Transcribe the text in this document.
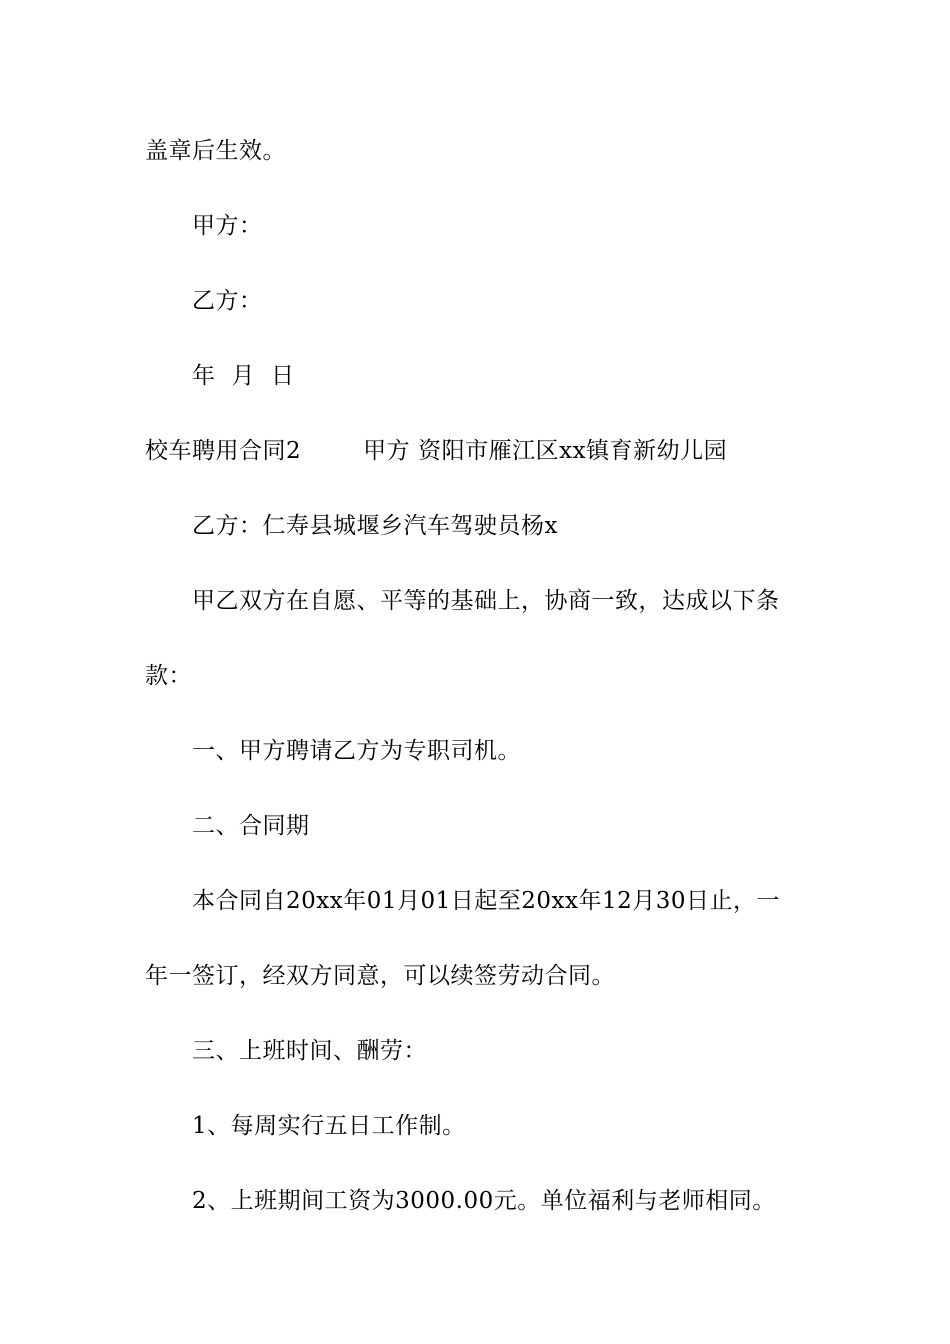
盖章后生效。
甲方：
乙方：
年 月 日
校车聘用合同2	甲方 资阳市雁江区xx镇育新幼儿园
乙方：仁寿县城堰乡汽车驾驶员杨x
甲乙双方在自愿、平等的基础上，协商一致，达成以下条
款：
一、甲方聘请乙方为专职司机。
二、合同期
本合同自20xx年01月01日起至20xx年12月30日止，一
年一签订，经双方同意，可以续签劳动合同。
三、上班时间、酬劳：
1、每周实行五日工作制。
2、上班期间工资为3000.00元。单位福利与老师相同。
